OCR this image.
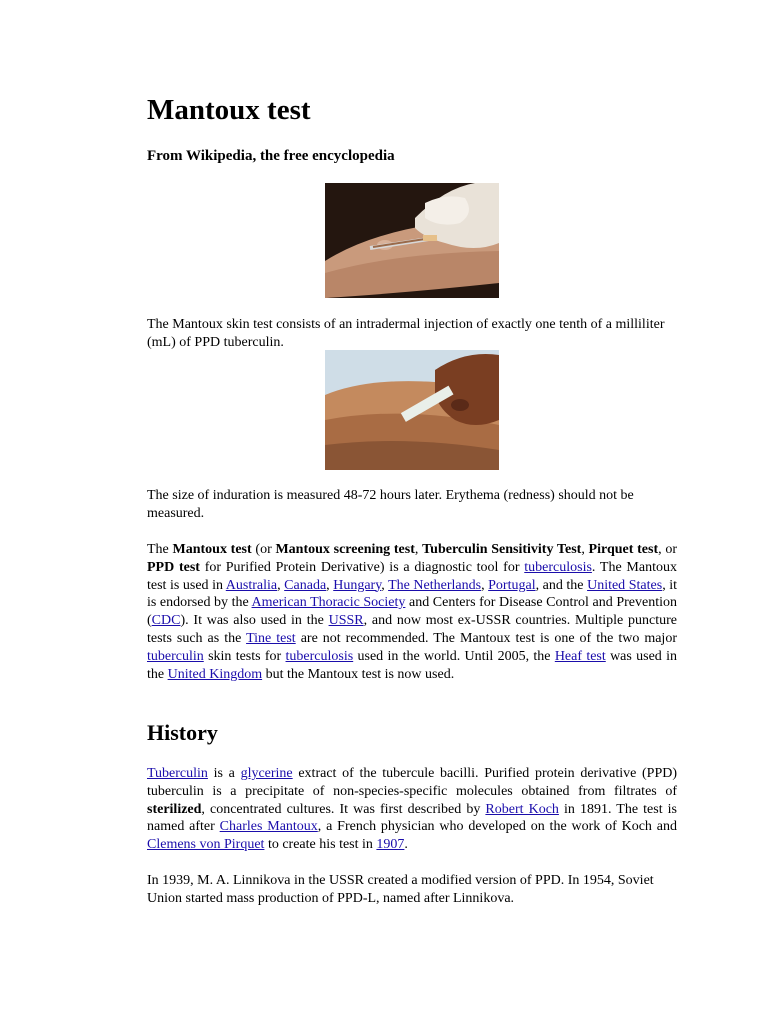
Mantoux test

From Wikipedia, the free encyclopedia

The Mantoux skin test consists of an intradermal injection of exactly one tenth of a milliliter (mL) of PPD tuberculin.

The size of induration is measured 48-72 hours later. Erythema (redness) should not be measured.

The Mantoux test (or Mantoux screening test, Tuberculin Sensitivity Test, Pirquet test, or PPD test for Purified Protein Derivative) is a diagnostic tool for tuberculosis. The Mantoux test is used in Australia, Canada, Hungary, The Netherlands, Portugal, and the United States, it is endorsed by the American Thoracic Society and Centers for Disease Control and Prevention (CDC). It was also used in the USSR, and now most ex-USSR countries. Multiple puncture tests such as the Tine test are not recommended. The Mantoux test is one of the two major tuberculin skin tests for tuberculosis used in the world. Until 2005, the Heaf test was used in the United Kingdom but the Mantoux test is now used.

History

Tuberculin is a glycerine extract of the tubercule bacilli. Purified protein derivative (PPD) tuberculin is a precipitate of non-species-specific molecules obtained from filtrates of sterilized, concentrated cultures. It was first described by Robert Koch in 1891. The test is named after Charles Mantoux, a French physician who developed on the work of Koch and Clemens von Pirquet to create his test in 1907.

In 1939, M. A. Linnikova in the USSR created a modified version of PPD. In 1954, Soviet Union started mass production of PPD-L, named after Linnikova.
